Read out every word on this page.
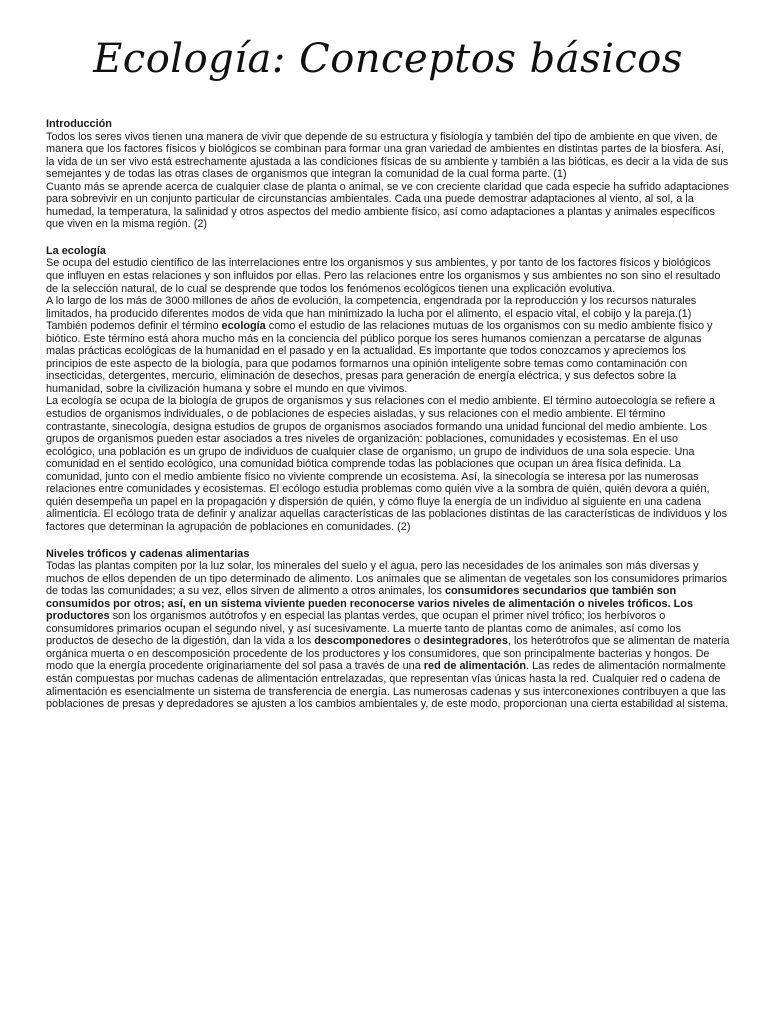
Ecología: Conceptos básicos

Introducción

Todos los seres vivos tienen una manera de vivir que depende de su estructura y fisiología y también del tipo de ambiente en que viven, de manera que los factores físicos y biológicos se combinan para formar una gran variedad de ambientes en distintas partes de la biosfera. Así, la vida de un ser vivo está estrechamente ajustada a las condiciones físicas de su ambiente y también a las bióticas, es decir a la vida de sus semejantes y de todas las otras clases de organismos que integran la comunidad de la cual forma parte. (1)

Cuanto más se aprende acerca de cualquier clase de planta o animal, se ve con creciente claridad que cada especie ha sufrido adaptaciones para sobrevivir en un conjunto particular de circunstancias ambientales. Cada una puede demostrar adaptaciones al viento, al sol, a la humedad, la temperatura, la salinidad y otros aspectos del medio ambiente físico, así como adaptaciones a plantas y animales específicos que viven en la misma región. (2)

La ecología

Se ocupa del estudio científico de las interrelaciones entre los organismos y sus ambientes, y por tanto de los factores físicos y biológicos que influyen en estas relaciones y son influidos por ellas. Pero las relaciones entre los organismos y sus ambientes no son sino el resultado de la selección natural, de lo cual se desprende que todos los fenómenos ecológicos tienen una explicación evolutiva.

A lo largo de los más de 3000 millones de años de evolución, la competencia, engendrada por la reproducción y los recursos naturales limitados, ha producido diferentes modos de vida que han minimizado la lucha por el alimento, el espacio vital, el cobijo y la pareja.(1)

También podemos definir el término ecología como el estudio de las relaciones mutuas de los organismos con su medio ambiente físico y biótico. Este término está ahora mucho más en la conciencia del público porque los seres humanos comienzan a percatarse de algunas malas prácticas ecológicas de la humanidad en el pasado y en la actualidad. Es importante que todos conozcamos y apreciemos los principios de este aspecto de la biología, para que podamos formarnos una opinión inteligente sobre temas como contaminación con insecticidas, detergentes, mercurio, eliminación de desechos, presas para generación de energía eléctrica, y sus defectos sobre la humanidad, sobre la civilización humana y sobre el mundo en que vivimos.

La ecología se ocupa de la biología de grupos de organismos y sus relaciones con el medio ambiente. El término autoecología se refiere a estudios de organismos individuales, o de poblaciones de especies aisladas, y sus relaciones con el medio ambiente. El término contrastante, sinecología, designa estudios de grupos de organismos asociados formando una unidad funcional del medio ambiente. Los grupos de organismos pueden estar asociados a tres niveles de organización: poblaciones, comunidades y ecosistemas. En el uso ecológico, una población es un grupo de individuos de cualquier clase de organismo, un grupo de individuos de una sola especie. Una comunidad en el sentido ecológico, una comunidad biótica comprende todas las poblaciones que ocupan un área física definida. La comunidad, junto con el medio ambiente físico no viviente comprende un ecosistema. Así, la sinecología se interesa por las numerosas relaciones entre comunidades y ecosistemas. El ecólogo estudia problemas como quién vive a la sombra de quién, quién devora a quién, quién desempeña un papel en la propagación y dispersión de quién, y cómo fluye la energía de un individuo al siguiente en una cadena alimenticia. El ecólogo trata de definir y analizar aquellas características de las poblaciones distintas de las características de individuos y los factores que determinan la agrupación de poblaciones en comunidades. (2)

Niveles tróficos y cadenas alimentarias

Todas las plantas compiten por la luz solar, los minerales del suelo y el agua, pero las necesidades de los animales son más diversas y muchos de ellos dependen de un tipo determinado de alimento. Los animales que se alimentan de vegetales son los consumidores primarios de todas las comunidades; a su vez, ellos sirven de alimento a otros animales, los consumidores secundarios que también son consumidos por otros; así, en un sistema viviente pueden reconocerse varios niveles de alimentación o niveles tróficos. Los productores son los organismos autótrofos y en especial las plantas verdes, que ocupan el primer nivel trófico; los herbívoros o consumidores primarios ocupan el segundo nivel, y así sucesivamente. La muerte tanto de plantas como de animales, así como los productos de desecho de la digestión, dan la vida a los descomponedores o desintegradores, los heterótrofos que se alimentan de materia orgánica muerta o en descomposición procedente de los productores y los consumidores, que son principalmente bacterias y hongos. De modo que la energía procedente originariamente del sol pasa a través de una red de alimentación. Las redes de alimentación normalmente están compuestas por muchas cadenas de alimentación entrelazadas, que representan vías únicas hasta la red. Cualquier red o cadena de alimentación es esencialmente un sistema de transferencia de energía. Las numerosas cadenas y sus interconexiones contribuyen a que las poblaciones de presas y depredadores se ajusten a los cambios ambientales y, de este modo, proporcionan una cierta estabilidad al sistema.
